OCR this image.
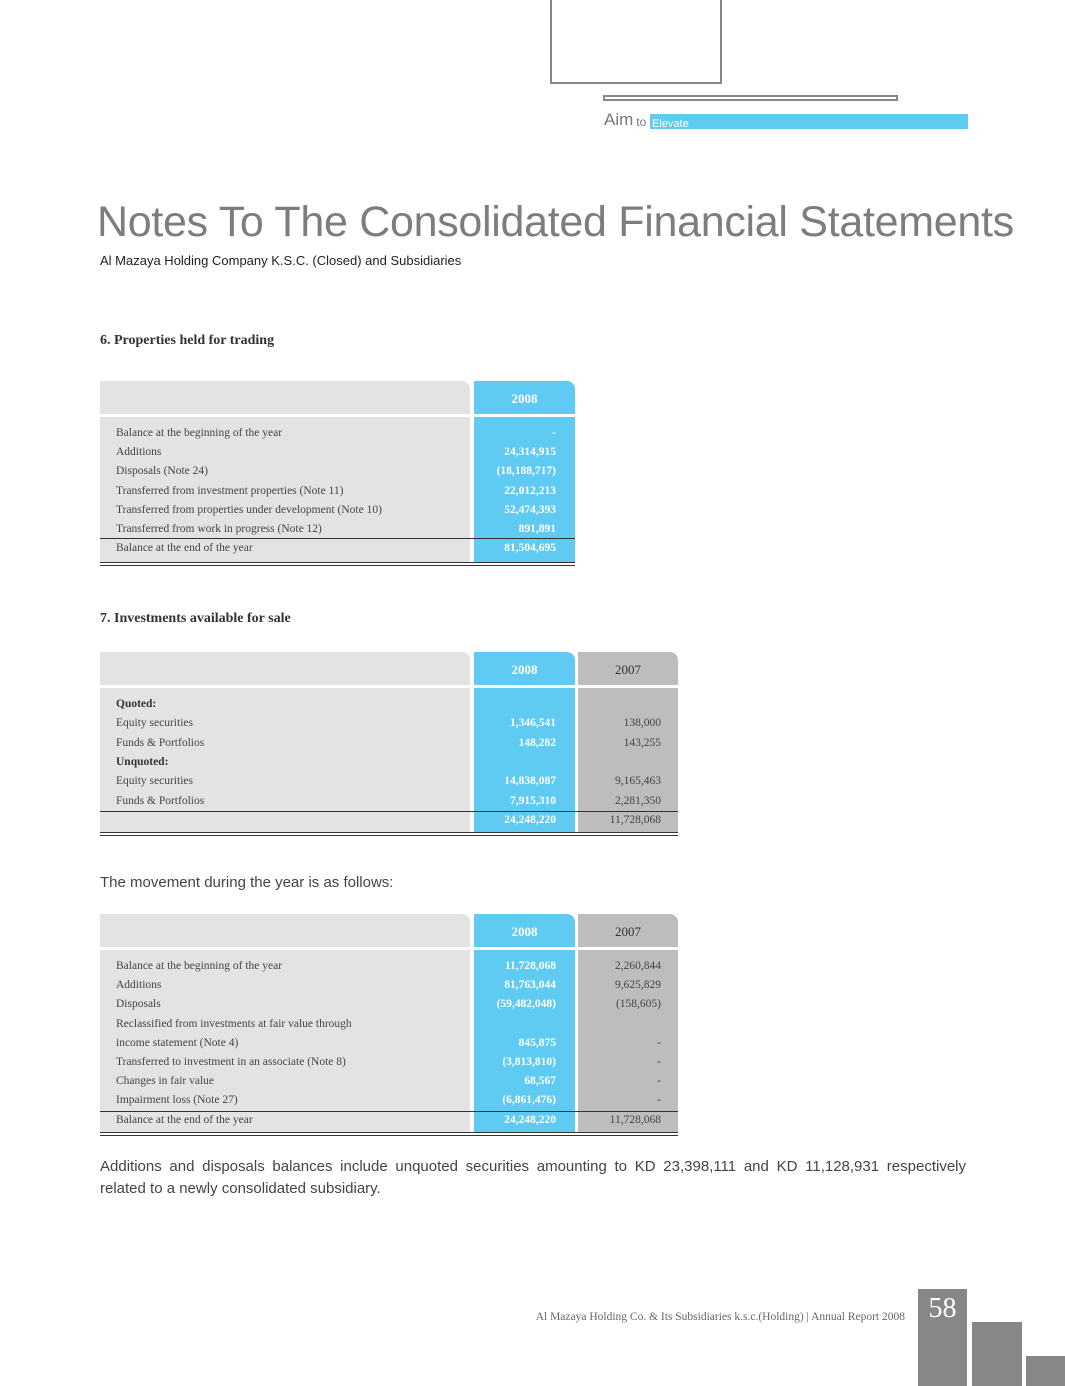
Elevate
Aim to
Notes To The Consolidated Financial Statements
Al Mazaya Holding Company K.S.C. (Closed) and Subsidiaries
6. Properties held for trading
2008
Balance at the beginning of the year	-
Additions	24,314,915
Disposals (Note 24)	(18,188,717)
Transferred from investment properties (Note 11)	22,012,213
Transferred from properties under development (Note 10)	52,474,393
Transferred from work in progress (Note 12)	891,891
Balance at the end of the year	81,504,695
7. Investments available for sale
2008	2007
Quoted:
Equity securities	1,346,541	138,000
Funds & Portfolios	148,282	143,255
Unquoted:
Equity securities	14,838,087	9,165,463
Funds & Portfolios	7,915,310	2,281,350
24,248,220	11,728,068
The movement during the year is as follows:
2008	2007
Balance at the beginning of the year	11,728,068	2,260,844
Additions	81,763,044	9,625,829
Disposals	(59,482,048)	(158,605)
Reclassified from investments at fair value through
income statement (Note 4)	845,875	-
Transferred to investment in an associate (Note 8)	(3,813,810)	-
Changes in fair value	68,567	-
Impairment loss (Note 27)	(6,861,476)	-
Balance at the end of the year	24,248,220	11,728,068
Additions and disposals balances include unquoted securities amounting to KD 23,398,111 and KD 11,128,931 respectively related to a newly consolidated subsidiary.
Al Mazaya Holding Co. & Its Subsidiaries k.s.c.(Holding) | Annual Report 2008 58
